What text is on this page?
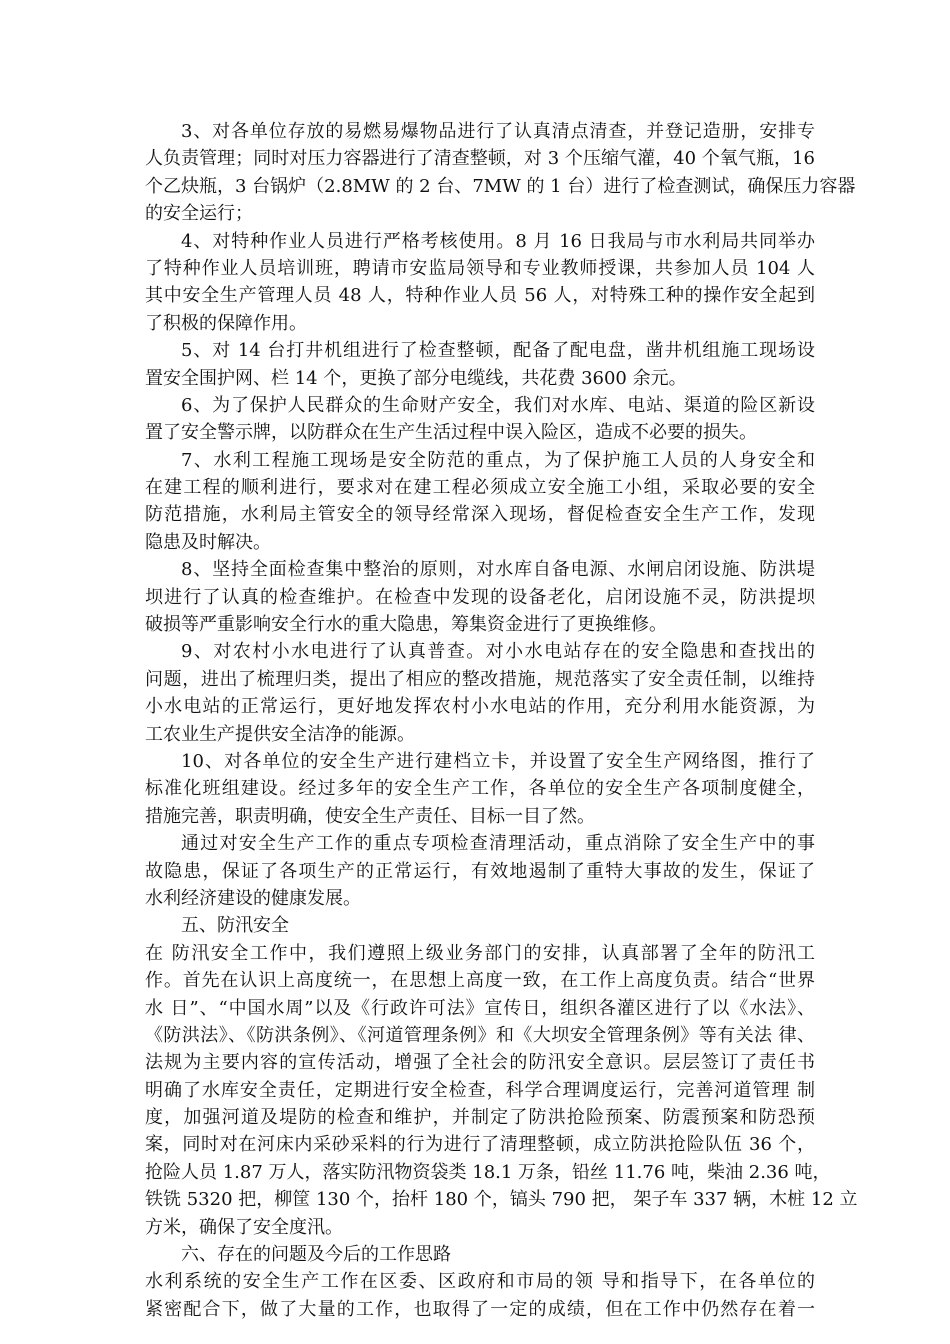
3、对各单位存放的易燃易爆物品进行了认真清点清查，并登记造册，安排专
人负责管理；同时对压力容器进行了清查整顿，对 3 个压缩气灌，40 个氧气瓶，16
个乙炔瓶，3 台锅炉（2.8MW 的 2 台、7MW 的 1 台）进行了检查测试，确保压力容器
的安全运行；
4、对特种作业人员进行严格考核使用。8 月 16 日我局与市水利局共同举办
了特种作业人员培训班，聘请市安监局领导和专业教师授课，共参加人员 104 人
其中安全生产管理人员 48 人，特种作业人员 56 人，对特殊工种的操作安全起到
了积极的保障作用。
5、对 14 台打井机组进行了检查整顿，配备了配电盘，凿井机组施工现场设
置安全围护网、栏 14 个，更换了部分电缆线，共花费 3600 余元。
6、为了保护人民群众的生命财产安全，我们对水库、电站、渠道的险区新设
置了安全警示牌，以防群众在生产生活过程中误入险区，造成不必要的损失。
7、水利工程施工现场是安全防范的重点，为了保护施工人员的人身安全和
在建工程的顺利进行，要求对在建工程必须成立安全施工小组，采取必要的安全
防范措施，水利局主管安全的领导经常深入现场，督促检查安全生产工作，发现
隐患及时解决。
8、坚持全面检查集中整治的原则，对水库自备电源、水闸启闭设施、防洪堤
坝进行了认真的检查维护。在检查中发现的设备老化，启闭设施不灵，防洪提坝
破损等严重影响安全行水的重大隐患，筹集资金进行了更换维修。
9、对农村小水电进行了认真普查。对小水电站存在的安全隐患和查找出的
问题，进出了梳理归类，提出了相应的整改措施，规范落实了安全责任制，以维持
小水电站的正常运行，更好地发挥农村小水电站的作用，充分利用水能资源，为
工农业生产提供安全洁净的能源。
10、对各单位的安全生产进行建档立卡，并设置了安全生产网络图，推行了
标准化班组建设。经过多年的安全生产工作，各单位的安全生产各项制度健全，
措施完善，职责明确，使安全生产责任、目标一目了然。
通过对安全生产工作的重点专项检查清理活动，重点消除了安全生产中的事
故隐患，保证了各项生产的正常运行，有效地遏制了重特大事故的发生，保证了
水利经济建设的健康发展。
五、防汛安全
在 防汛安全工作中，我们遵照上级业务部门的安排，认真部署了全年的防汛工
作。首先在认识上高度统一，在思想上高度一致，在工作上高度负责。结合“世界
水 日”、“中国水周”以及《行政许可法》宣传日，组织各灌区进行了以《水法》、
《防洪法》、《防洪条例》、《河道管理条例》和《大坝安全管理条例》等有关法 律、
法规为主要内容的宣传活动，增强了全社会的防汛安全意识。层层签订了责任书
明确了水库安全责任，定期进行安全检查，科学合理调度运行，完善河道管理 制
度，加强河道及堤防的检查和维护，并制定了防洪抢险预案、防震预案和防恐预
案，同时对在河床内采砂采料的行为进行了清理整顿，成立防洪抢险队伍 36 个，
抢险人员 1.87 万人，落实防汛物资袋类 18.1 万条，铅丝 11.76 吨，柴油 2.36 吨，
铁铣 5320 把，柳筐 130 个，抬杆 180 个，镐头 790 把， 架子车 337 辆，木桩 12 立
方米，确保了安全度汛。
六、存在的问题及今后的工作思路
水利系统的安全生产工作在区委、区政府和市局的领 导和指导下，在各单位的
紧密配合下，做了大量的工作，也取得了一定的成绩，但在工作中仍然存在着一
